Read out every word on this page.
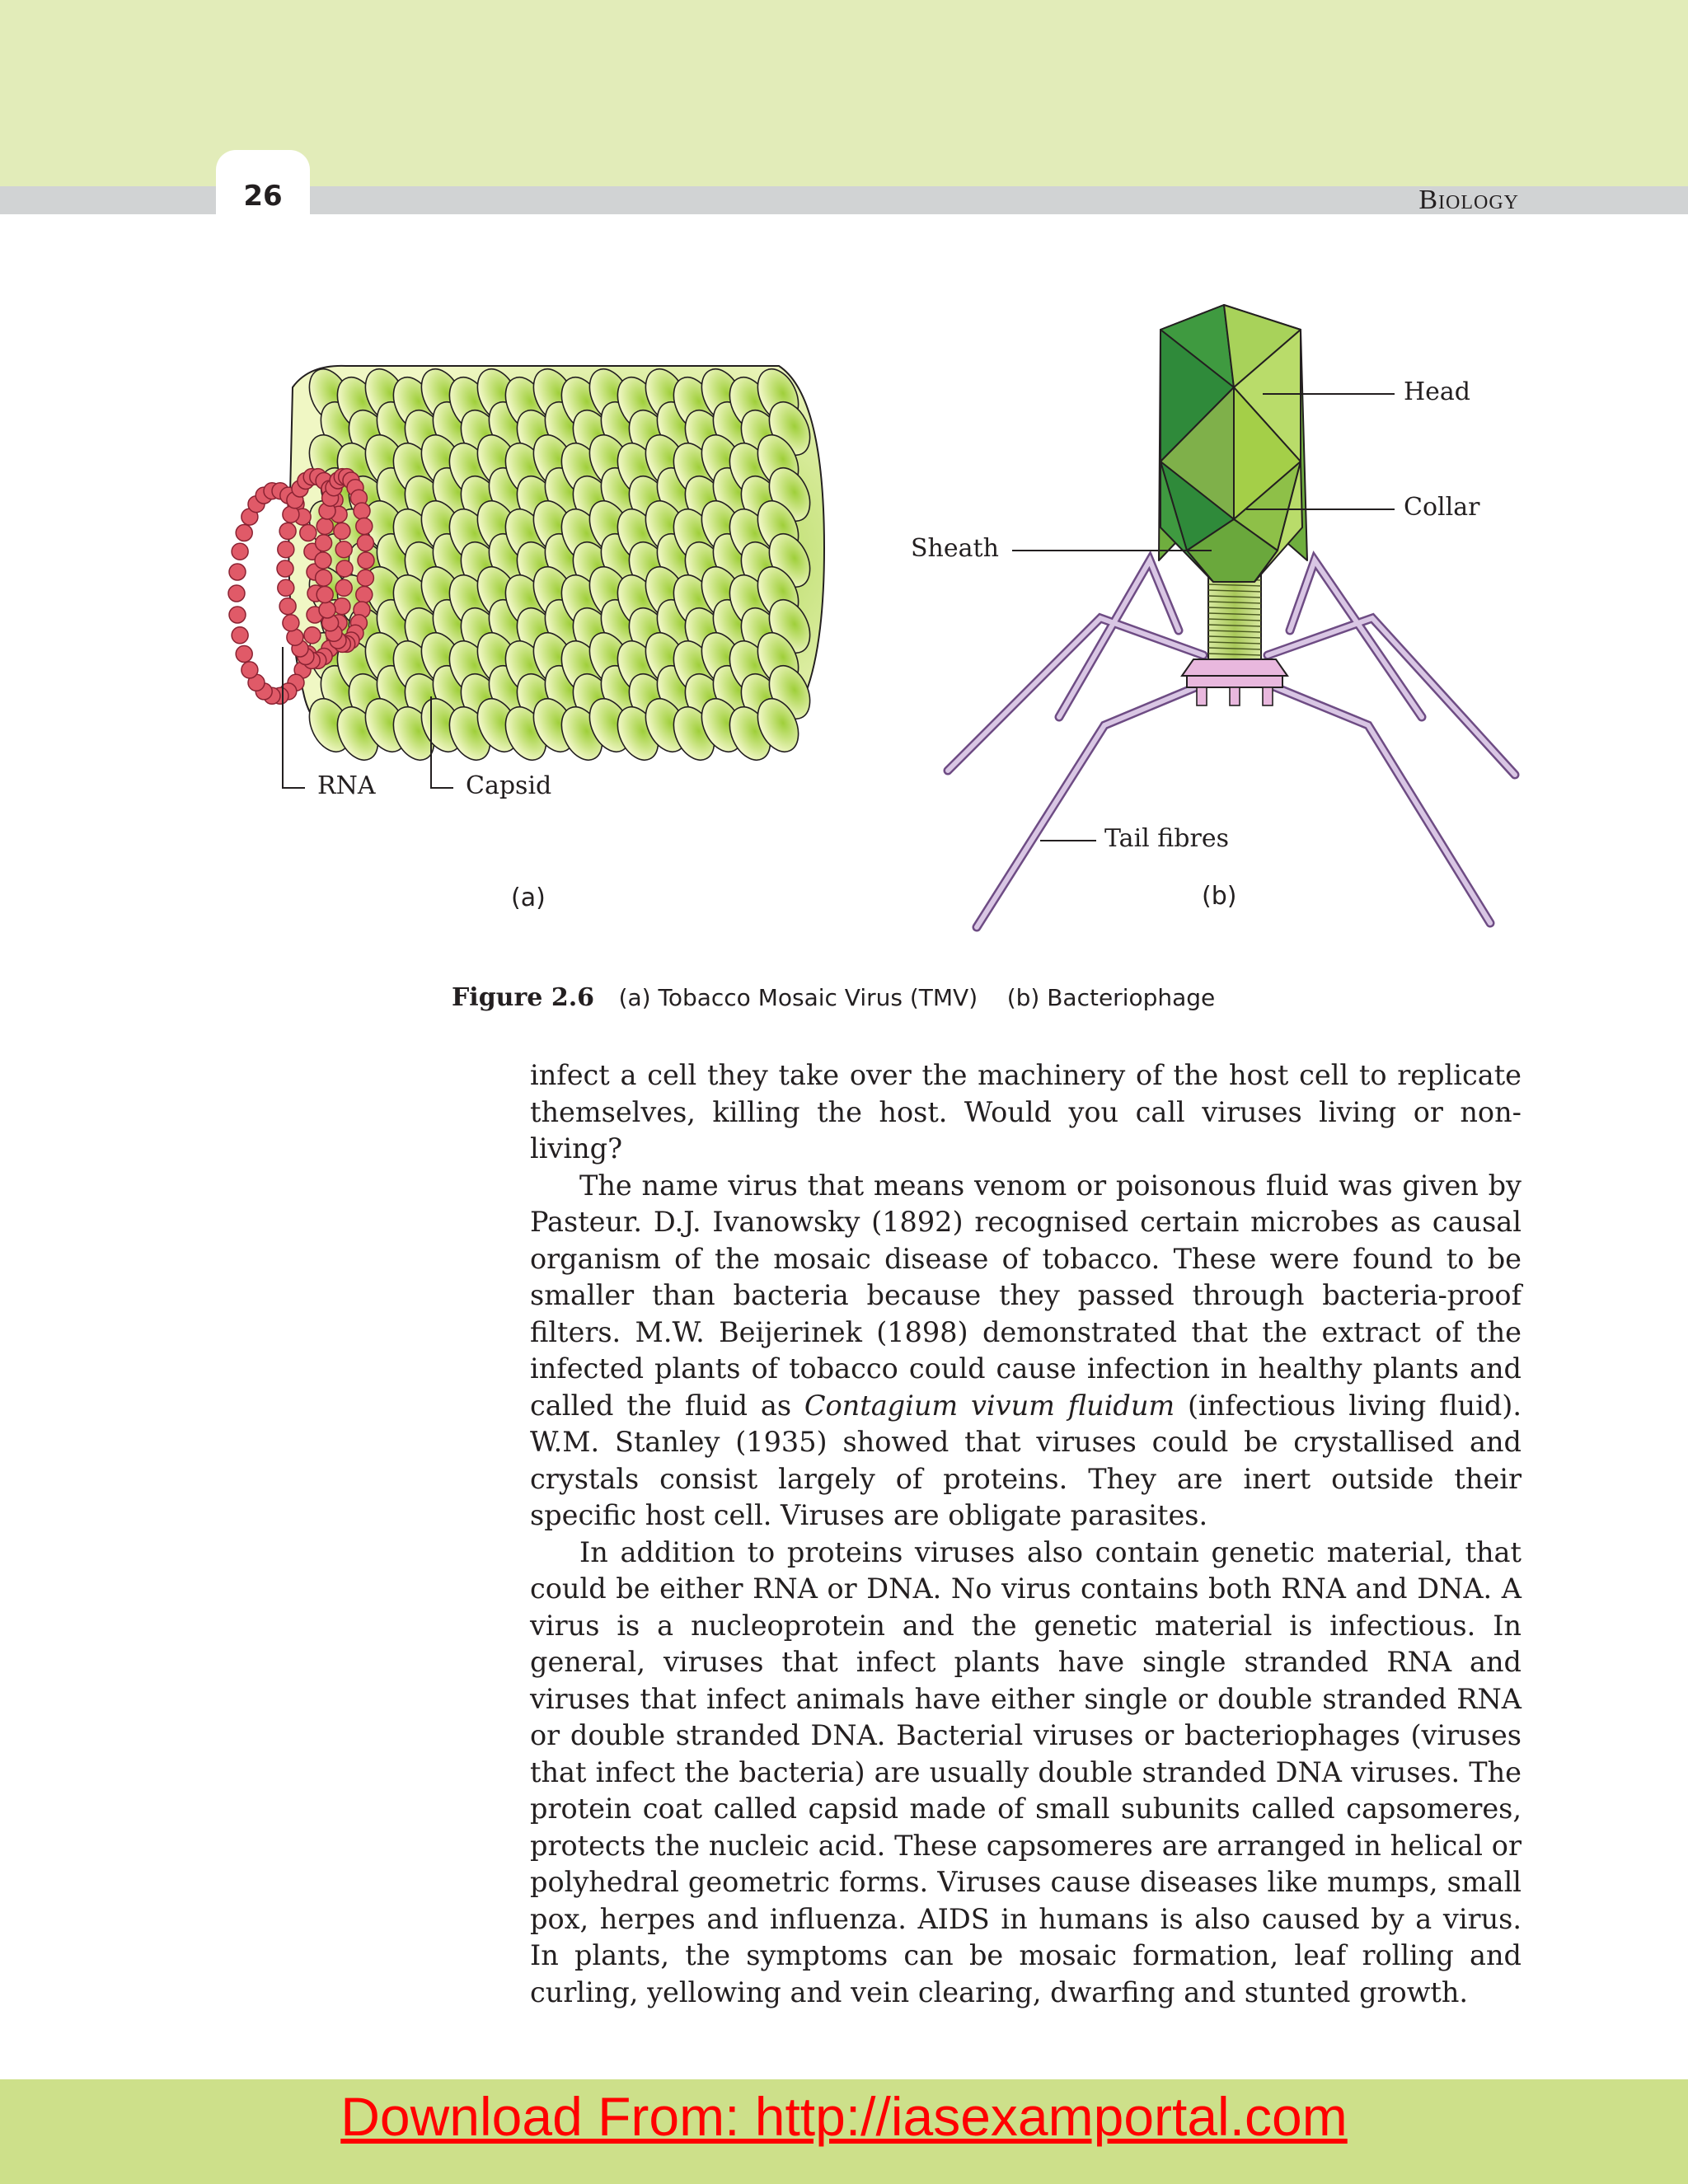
26	Biology
RNA	Capsid
(a)
Head
Collar
Sheath
Tail fibres
(b)
Figure 2.6 (a) Tobacco Mosaic Virus (TMV) (b) Bacteriophage

infect a cell they take over the machinery of the host cell to replicate themselves, killing the host. Would you call viruses living or non-living?

The name virus that means venom or poisonous fluid was given by Pasteur. D.J. Ivanowsky (1892) recognised certain microbes as causal organism of the mosaic disease of tobacco. These were found to be smaller than bacteria because they passed through bacteria-proof filters. M.W. Beijerinek (1898) demonstrated that the extract of the infected plants of tobacco could cause infection in healthy plants and called the fluid as Contagium vivum fluidum (infectious living fluid). W.M. Stanley (1935) showed that viruses could be crystallised and crystals consist largely of proteins. They are inert outside their specific host cell. Viruses are obligate parasites.

In addition to proteins viruses also contain genetic material, that could be either RNA or DNA. No virus contains both RNA and DNA. A virus is a nucleoprotein and the genetic material is infectious. In general, viruses that infect plants have single stranded RNA and viruses that infect animals have either single or double stranded RNA or double stranded DNA. Bacterial viruses or bacteriophages (viruses that infect the bacteria) are usually double stranded DNA viruses. The protein coat called capsid made of small subunits called capsomeres, protects the nucleic acid. These capsomeres are arranged in helical or polyhedral geometric forms. Viruses cause diseases like mumps, small pox, herpes and influenza. AIDS in humans is also caused by a virus. In plants, the symptoms can be mosaic formation, leaf rolling and curling, yellowing and vein clearing, dwarfing and stunted growth.

Download From: http://iasexamportal.com
